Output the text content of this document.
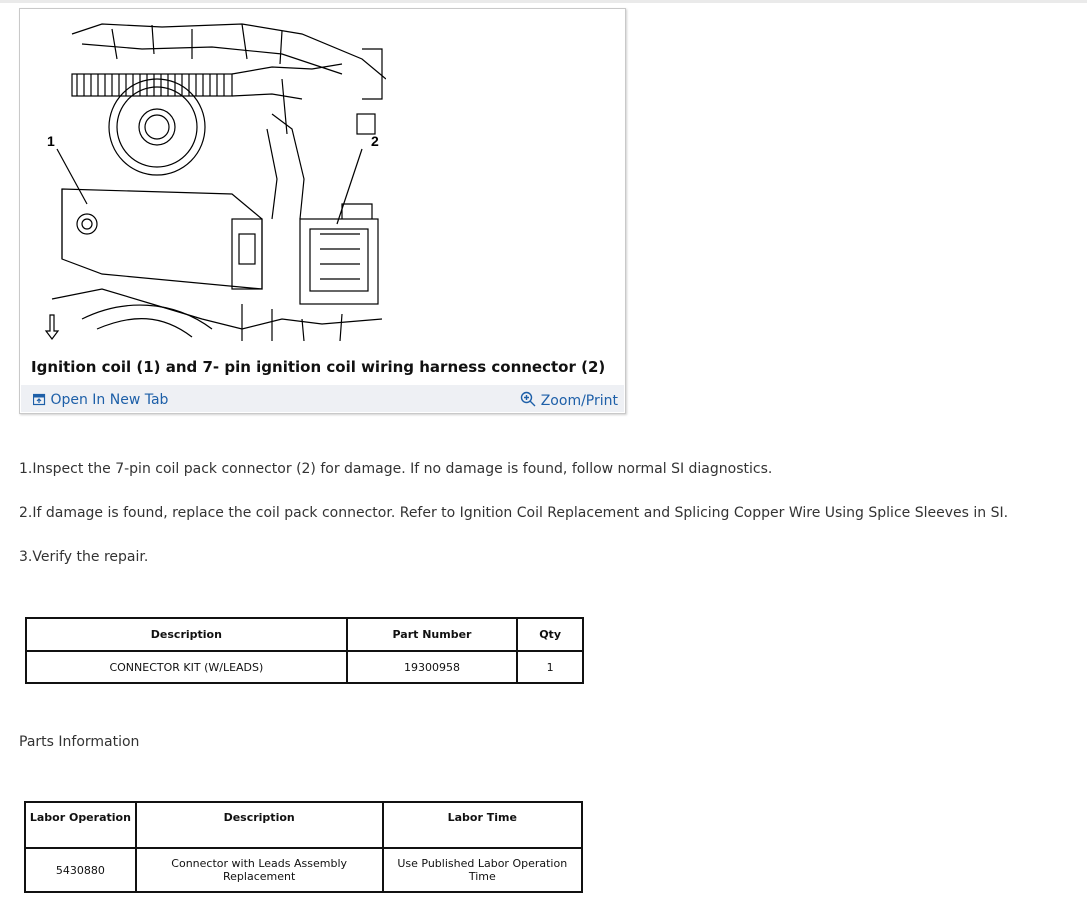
1	2
Ignition coil (1) and 7- pin ignition coil wiring harness connector (2)
Open In New Tab	Zoom/Print
1.Inspect the 7-pin coil pack connector (2) for damage. If no damage is found, follow normal SI diagnostics.
2.If damage is found, replace the coil pack connector. Refer to Ignition Coil Replacement and Splicing Copper Wire Using Splice Sleeves in SI.
3.Verify the repair.
Description	Part Number	Qty
CONNECTOR KIT (W/LEADS)	19300958	1
Parts Information
Labor Operation	Description	Labor Time
5430880	Connector with Leads Assembly Replacement	Use Published Labor Operation Time
